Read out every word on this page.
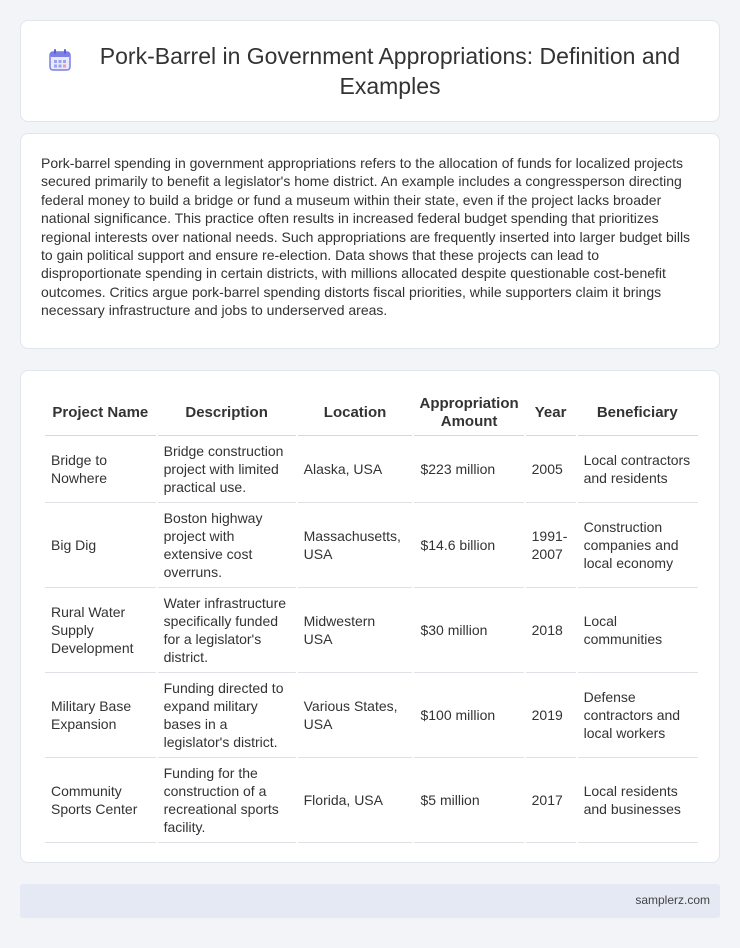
Pork-Barrel in Government Appropriations: Definition and Examples

Pork-barrel spending in government appropriations refers to the allocation of funds for localized projects secured primarily to benefit a legislator's home district. An example includes a congressperson directing federal money to build a bridge or fund a museum within their state, even if the project lacks broader national significance. This practice often results in increased federal budget spending that prioritizes regional interests over national needs. Such appropriations are frequently inserted into larger budget bills to gain political support and ensure re-election. Data shows that these projects can lead to disproportionate spending in certain districts, with millions allocated despite questionable cost-benefit outcomes. Critics argue pork-barrel spending distorts fiscal priorities, while supporters claim it brings necessary infrastructure and jobs to underserved areas.

Project Name	Description	Location	Appropriation Amount	Year	Beneficiary
Bridge to Nowhere	Bridge construction project with limited practical use.	Alaska, USA	$223 million	2005	Local contractors and residents
Big Dig	Boston highway project with extensive cost overruns.	Massachusetts, USA	$14.6 billion	1991-2007	Construction companies and local economy
Rural Water Supply Development	Water infrastructure specifically funded for a legislator's district.	Midwestern USA	$30 million	2018	Local communities
Military Base Expansion	Funding directed to expand military bases in a legislator's district.	Various States, USA	$100 million	2019	Defense contractors and local workers
Community Sports Center	Funding for the construction of a recreational sports facility.	Florida, USA	$5 million	2017	Local residents and businesses
samplerz.com
